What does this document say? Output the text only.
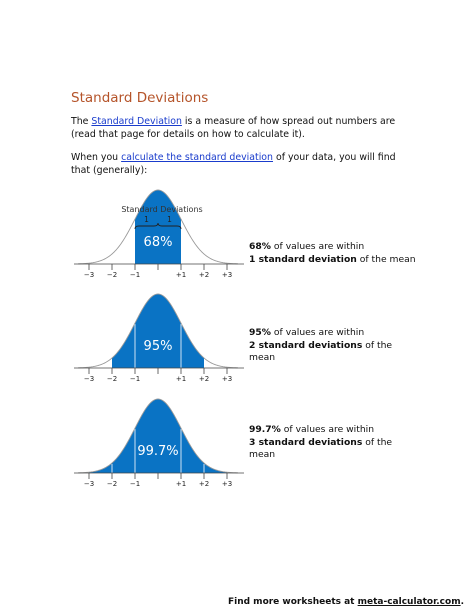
Standard Deviations

The Standard Deviation is a measure of how spread out numbers are (read that page for details on how to calculate it).

When you calculate the standard deviation of your data, you will find that (generally):

−3 −2 −1	+1 +2 +3
68%
Standard Deviations
1 1

68% of values are within
1 standard deviation of the mean

−3 −2 −1	+1 +2 +3
95%

95% of values are within
2 standard deviations of the mean

−3 −2 −1	+1 +2 +3
99.7%

99.7% of values are within
3 standard deviations of the mean

Find more worksheets at meta-calculator.com.
